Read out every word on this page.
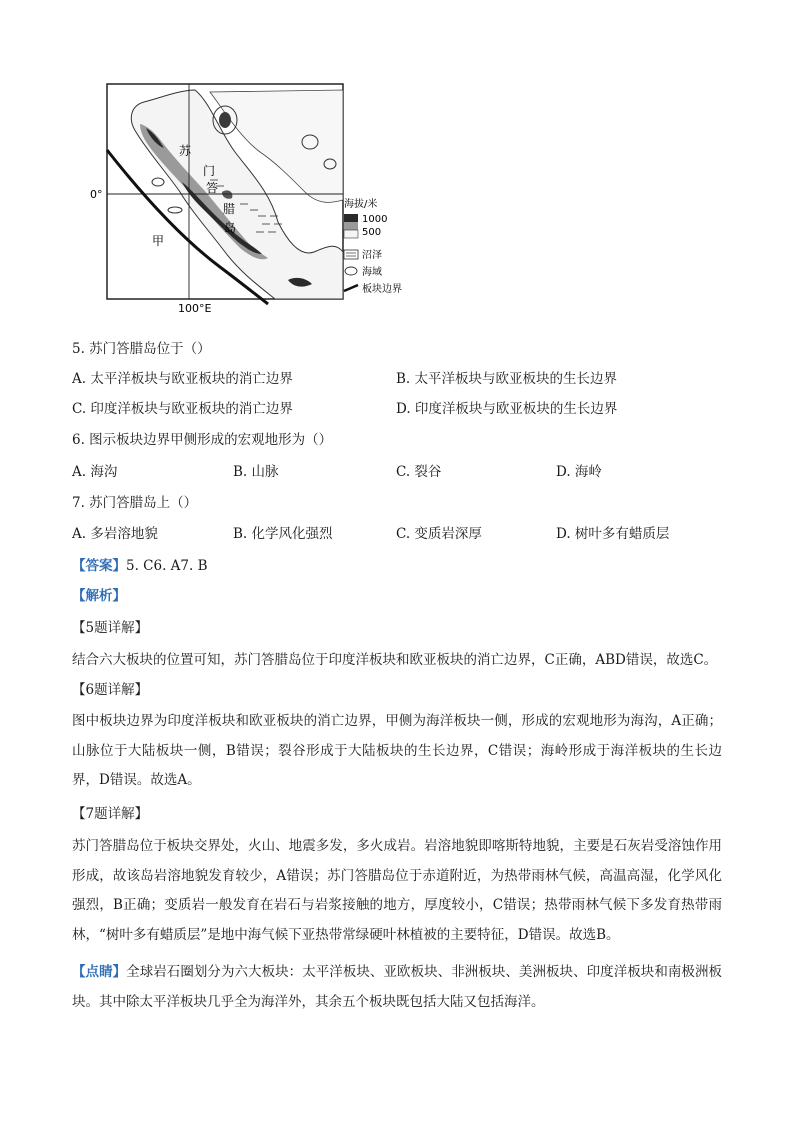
苏
门
答
腊
岛
甲
0°
100°E
海拔/米
1000
500
沼泽
海域
板块边界
5. 苏门答腊岛位于（）
A. 太平洋板块与欧亚板块的消亡边界	B. 太平洋板块与欧亚板块的生长边界
C. 印度洋板块与欧亚板块的消亡边界	D. 印度洋板块与欧亚板块的生长边界
6. 图示板块边界甲侧形成的宏观地形为（）
A. 海沟	B. 山脉	C. 裂谷	D. 海岭
7. 苏门答腊岛上（）
A. 多岩溶地貌	B. 化学风化强烈	C. 变质岩深厚	D. 树叶多有蜡质层
【答案】5. C6. A7. B
【解析】
【5题详解】
结合六大板块的位置可知，苏门答腊岛位于印度洋板块和欧亚板块的消亡边界，C正确，ABD错误，故选C。
【6题详解】
图中板块边界为印度洋板块和欧亚板块的消亡边界，甲侧为海洋板块一侧，形成的宏观地形为海沟，A正确；山脉位于大陆板块一侧，B错误；裂谷形成于大陆板块的生长边界，C错误；海岭形成于海洋板块的生长边界，D错误。故选A。
【7题详解】
苏门答腊岛位于板块交界处，火山、地震多发，多火成岩。岩溶地貌即喀斯特地貌，主要是石灰岩受溶蚀作用形成，故该岛岩溶地貌发育较少，A错误；苏门答腊岛位于赤道附近，为热带雨林气候，高温高湿，化学风化强烈，B正确；变质岩一般发育在岩石与岩浆接触的地方，厚度较小，C错误；热带雨林气候下多发育热带雨林，“树叶多有蜡质层”是地中海气候下亚热带常绿硬叶林植被的主要特征，D错误。故选B。
【点睛】全球岩石圈划分为六大板块：太平洋板块、亚欧板块、非洲板块、美洲板块、印度洋板块和南极洲板块。其中除太平洋板块几乎全为海洋外，其余五个板块既包括大陆又包括海洋。
